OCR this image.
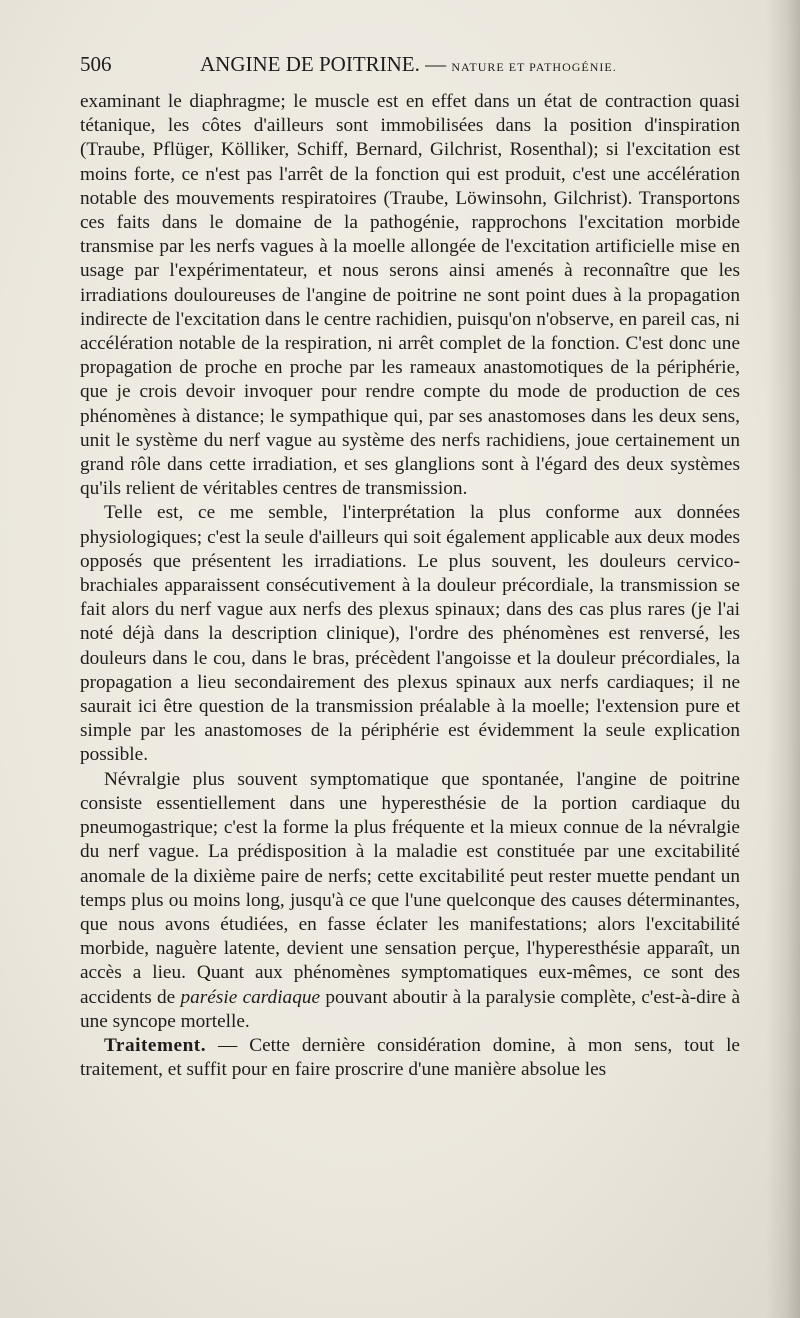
506	ANGINE DE POITRINE. — NATURE ET PATHOGÉNIE.

examinant le diaphragme; le muscle est en effet dans un état de contraction quasi tétanique, les côtes d'ailleurs sont immobilisées dans la position d'inspiration (Traube, Pflüger, Kölliker, Schiff, Bernard, Gilchrist, Rosenthal); si l'excitation est moins forte, ce n'est pas l'arrêt de la fonction qui est produit, c'est une accélération notable des mouvements respiratoires (Traube, Löwinsohn, Gilchrist). Transportons ces faits dans le domaine de la pathogénie, rapprochons l'excitation morbide transmise par les nerfs vagues à la moelle allongée de l'excitation artificielle mise en usage par l'expérimentateur, et nous serons ainsi amenés à reconnaître que les irradiations douloureuses de l'angine de poitrine ne sont point dues à la propagation indirecte de l'excitation dans le centre rachidien, puisqu'on n'observe, en pareil cas, ni accélération notable de la respiration, ni arrêt complet de la fonction. C'est donc une propagation de proche en proche par les rameaux anastomotiques de la périphérie, que je crois devoir invoquer pour rendre compte du mode de production de ces phénomènes à distance; le sympathique qui, par ses anastomoses dans les deux sens, unit le système du nerf vague au système des nerfs rachidiens, joue certainement un grand rôle dans cette irradiation, et ses glanglions sont à l'égard des deux systèmes qu'ils relient de véritables centres de transmission.

Telle est, ce me semble, l'interprétation la plus conforme aux données physiologiques; c'est la seule d'ailleurs qui soit également applicable aux deux modes opposés que présentent les irradiations. Le plus souvent, les douleurs cervico-brachiales apparaissent consécutivement à la douleur précordiale, la transmission se fait alors du nerf vague aux nerfs des plexus spinaux; dans des cas plus rares (je l'ai noté déjà dans la description clinique), l'ordre des phénomènes est renversé, les douleurs dans le cou, dans le bras, précèdent l'angoisse et la douleur précordiales, la propagation a lieu secondairement des plexus spinaux aux nerfs cardiaques; il ne saurait ici être question de la transmission préalable à la moelle; l'extension pure et simple par les anastomoses de la périphérie est évidemment la seule explication possible.

Névralgie plus souvent symptomatique que spontanée, l'angine de poitrine consiste essentiellement dans une hyperesthésie de la portion cardiaque du pneumogastrique; c'est la forme la plus fréquente et la mieux connue de la névralgie du nerf vague. La prédisposition à la maladie est constituée par une excitabilité anomale de la dixième paire de nerfs; cette excitabilité peut rester muette pendant un temps plus ou moins long, jusqu'à ce que l'une quelconque des causes déterminantes, que nous avons étudiées, en fasse éclater les manifestations; alors l'excitabilité morbide, naguère latente, devient une sensation perçue, l'hyperesthésie apparaît, un accès a lieu. Quant aux phénomènes symptomatiques eux-mêmes, ce sont des accidents de parésie cardiaque pouvant aboutir à la paralysie complète, c'est-à-dire à une syncope mortelle.

Traitement. — Cette dernière considération domine, à mon sens, tout le traitement, et suffit pour en faire proscrire d'une manière absolue les
